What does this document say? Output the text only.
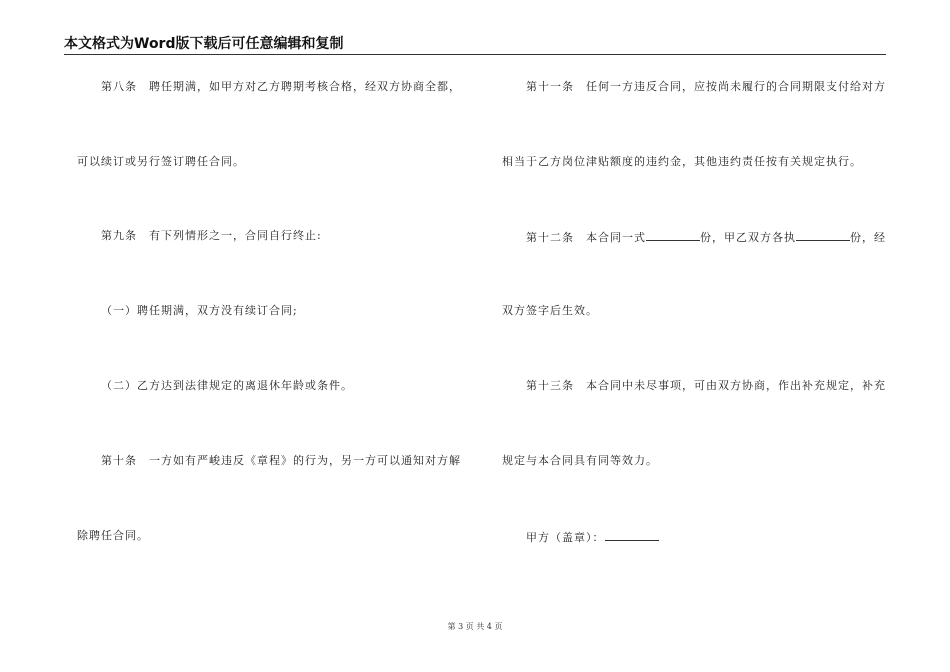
本文格式为Word版下载后可任意编辑和复制
第八条　聘任期满，如甲方对乙方聘期考核合格，经双方协商全都，
可以续订或另行签订聘任合同。
第九条　有下列情形之一，合同自行终止:
（一）聘任期满，双方没有续订合同;
（二）乙方达到法律规定的离退休年龄或条件。
第十条　一方如有严峻违反《章程》的行为，另一方可以通知对方解
除聘任合同。
第十一条　任何一方违反合同，应按尚未履行的合同期限支付给对方
相当于乙方岗位津贴额度的违约金，其他违约责任按有关规定执行。
第十二条　本合同一式	份，甲乙双方各执	份，经
双方签字后生效。
第十三条　本合同中未尽事项，可由双方协商，作出补充规定，补充
规定与本合同具有同等效力。
甲方（盖章）：
第 3 页 共 4 页
